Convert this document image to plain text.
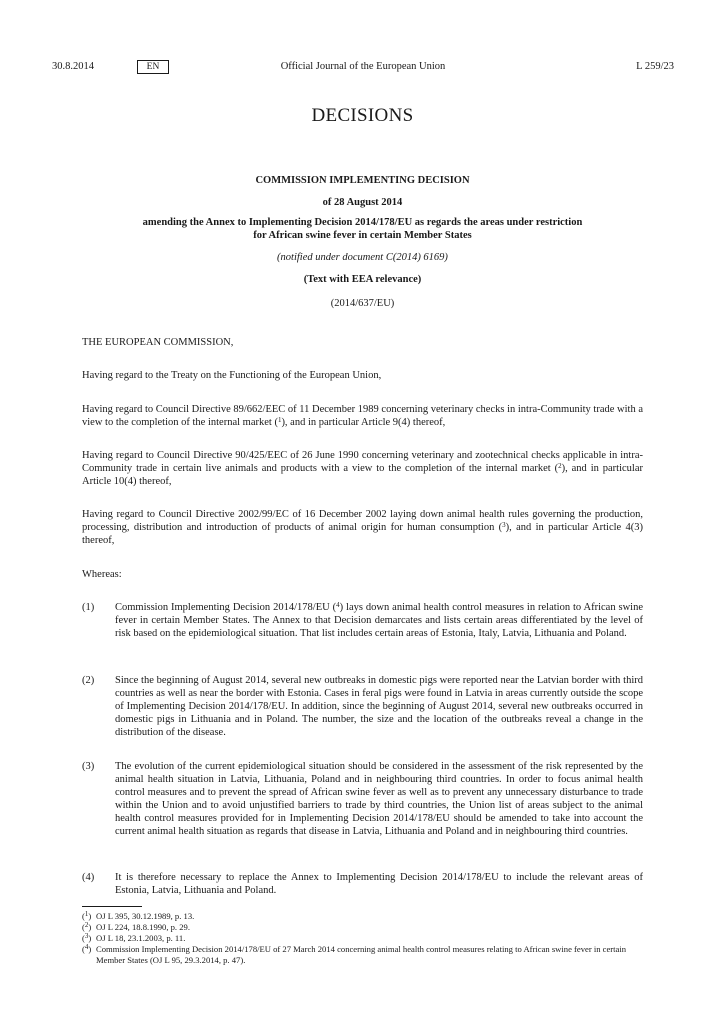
30.8.2014	EN	Official Journal of the European Union	L 259/23
DECISIONS
COMMISSION IMPLEMENTING DECISION
of 28 August 2014
amending the Annex to Implementing Decision 2014/178/EU as regards the areas under restriction
for African swine fever in certain Member States
(notified under document C(2014) 6169)
(Text with EEA relevance)
(2014/637/EU)
THE EUROPEAN COMMISSION,
Having regard to the Treaty on the Functioning of the European Union,
Having regard to Council Directive 89/662/EEC of 11 December 1989 concerning veterinary checks in intra-Community trade with a view to the completion of the internal market ($^1$), and in particular Article 9(4) thereof,
Having regard to Council Directive 90/425/EEC of 26 June 1990 concerning veterinary and zootechnical checks applicable in intra-Community trade in certain live animals and products with a view to the completion of the internal market ($^2$), and in particular Article 10(4) thereof,
Having regard to Council Directive 2002/99/EC of 16 December 2002 laying down animal health rules governing the production, processing, distribution and introduction of products of animal origin for human consumption ($^3$), and in particular Article 4(3) thereof,
Whereas:
(1) Commission Implementing Decision 2014/178/EU ($^4$) lays down animal health control measures in relation to African swine fever in certain Member States. The Annex to that Decision demarcates and lists certain areas differentiated by the level of risk based on the epidemiological situation. That list includes certain areas of Estonia, Italy, Latvia, Lithuania and Poland.
(2) Since the beginning of August 2014, several new outbreaks in domestic pigs were reported near the Latvian border with third countries as well as near the border with Estonia. Cases in feral pigs were found in Latvia in areas currently outside the scope of Implementing Decision 2014/178/EU. In addition, since the beginning of August 2014, several new outbreaks occurred in domestic pigs in Lithuania and in Poland. The number, the size and the location of the outbreaks reveal a change in the distribution of the disease.
(3) The evolution of the current epidemiological situation should be considered in the assessment of the risk represented by the animal health situation in Latvia, Lithuania, Poland and in neighbouring third countries. In order to focus animal health control measures and to prevent the spread of African swine fever as well as to prevent any unnecessary disturbance to trade within the Union and to avoid unjustified barriers to trade by third countries, the Union list of areas subject to the animal health control measures provided for in Implementing Decision 2014/178/EU should be amended to take into account the current animal health situation as regards that disease in Latvia, Lithuania and Poland and in neighbouring third countries.
(4) It is therefore necessary to replace the Annex to Implementing Decision 2014/178/EU to include the relevant areas of Estonia, Latvia, Lithuania and Poland.
($^1$) OJ L 395, 30.12.1989, p. 13.
($^2$) OJ L 224, 18.8.1990, p. 29.
($^3$) OJ L 18, 23.1.2003, p. 11.
($^4$) Commission Implementing Decision 2014/178/EU of 27 March 2014 concerning animal health control measures relating to African swine fever in certain Member States (OJ L 95, 29.3.2014, p. 47).
